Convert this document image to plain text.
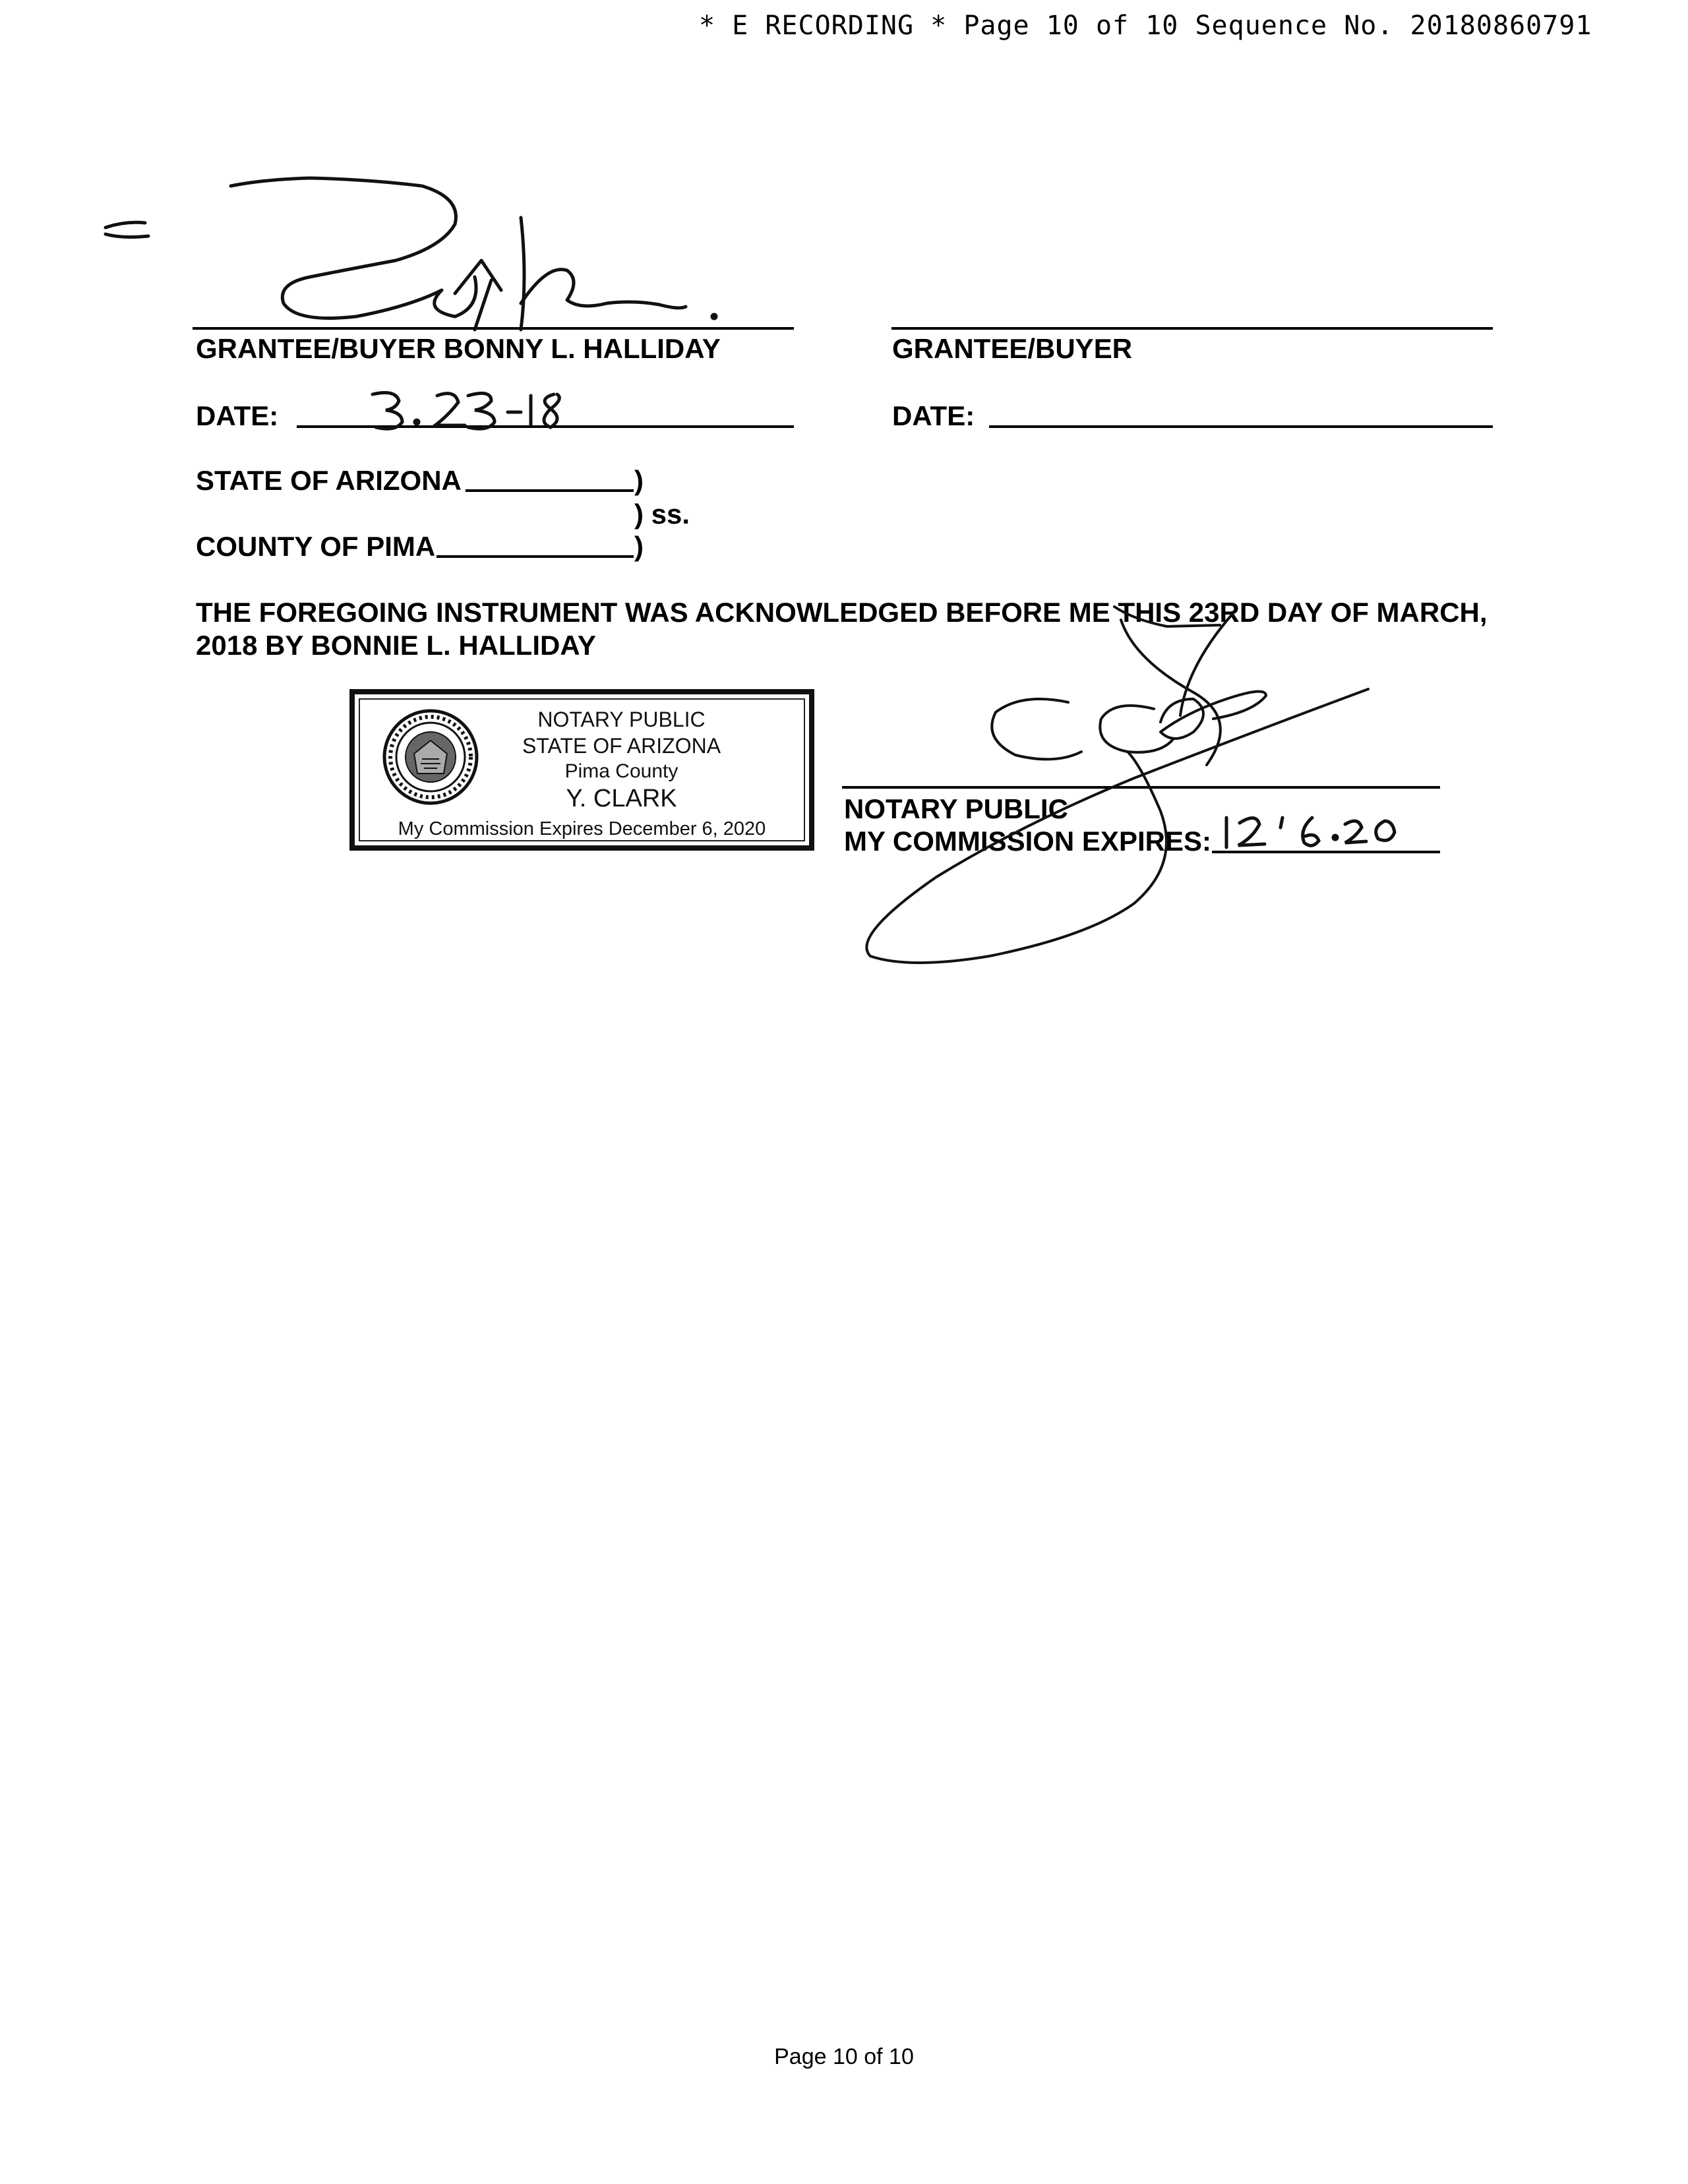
* E RECORDING * Page 10 of 10 Sequence No. 20180860791
GRANTEE/BUYER BONNY L. HALLIDAY	GRANTEE/BUYER
DATE:	DATE:
STATE OF ARIZONA	)
) ss.
COUNTY OF PIMA	)
THE FOREGOING INSTRUMENT WAS ACKNOWLEDGED BEFORE ME THIS 23RD DAY OF MARCH,
2018 BY BONNIE L. HALLIDAY
NOTARY PUBLIC
STATE OF ARIZONA
Pima County
Y. CLARK
My Commission Expires December 6, 2020
NOTARY PUBLIC
MY COMMISSION EXPIRES:
Page 10 of 10
